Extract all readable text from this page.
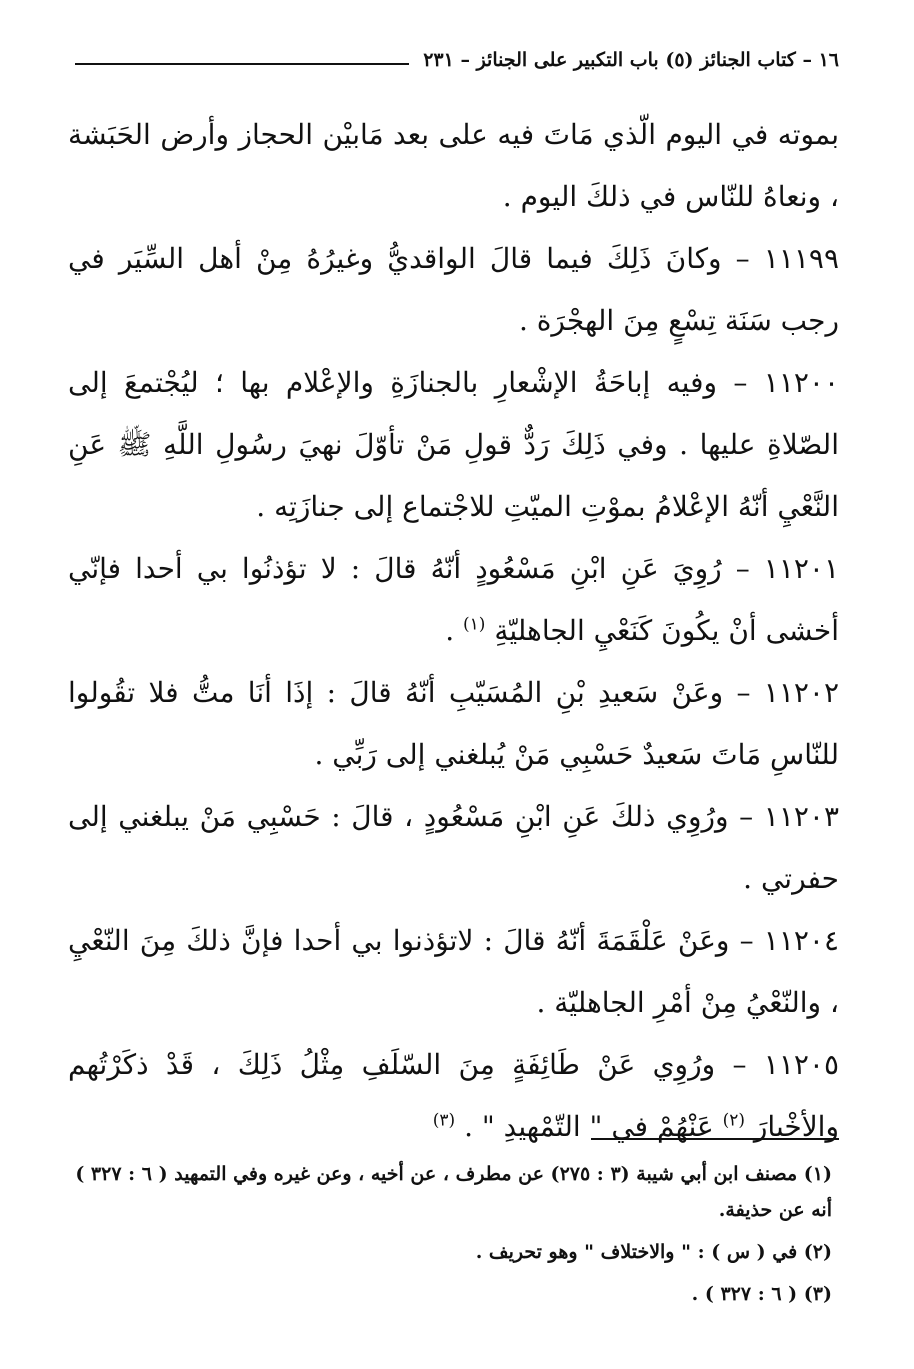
١٦ – كتاب الجنائز (٥) باب التكبير على الجنائز – ٢٣١

بموته في اليوم الّذي مَاتَ فيه على بعد مَابيْن الحجاز وأرض الحَبَشة ، ونعاهُ للنّاس في ذلكَ اليوم .

١١١٩٩ – وكانَ ذَلِكَ فيما قالَ الواقديُّ وغيرُهُ مِنْ أهل السِّيَر في رجب سَنَة تِسْعٍ مِنَ الهجْرَة .

١١٢٠٠ – وفيه إباحَةُ الإشْعارِ بالجنازَةِ والإعْلام بها ؛ ليُجْتمعَ إلى الصّلاةِ عليها . وفي ذَلِكَ رَدٌّ قولِ مَنْ تأوّلَ نهيَ رسُولِ اللَّهِ ﷺ عَنِ النَّعْيِ أنّهُ الإعْلامُ بموْتِ الميّتِ للاجْتماع إلى جنازَتِه .

١١٢٠١ – رُوِيَ عَنِ ابْنِ مَسْعُودٍ أنّهُ قالَ : لا تؤذنُوا بي أحدا فإنّي أخشى أنْ يكُونَ كَنَعْيِ الجاهليّةِ $^{(١)}$ .

١١٢٠٢ – وعَنْ سَعيدِ بْنِ المُسَيّبِ أنّهُ قالَ : إذَا أنَا متُّ فلا تقُولوا للنّاسِ مَاتَ سَعيدٌ حَسْبِي مَنْ يُبلغني إلى رَبِّي .

١١٢٠٣ – ورُوِي ذلكَ عَنِ ابْنِ مَسْعُودٍ ، قالَ : حَسْبِي مَنْ يبلغني إلى حفرتي .

١١٢٠٤ – وعَنْ عَلْقَمَةَ أنّهُ قالَ : لاتؤذنوا بي أحدا فإنَّ ذلكَ مِنَ النّعْيِ ، والنّعْيُ مِنْ أمْرِ الجاهليّة .

١١٢٠٥ – ورُوِي عَنْ طَائِفَةٍ مِنَ السّلَفِ مِثْلُ ذَلِكَ ، قَدْ ذكَرْتُهم والأخْبارَ $^{(٢)}$ عَنْهُمْ في " التّمْهيدِ " . $^{(٣)}$

(١) مصنف ابن أبي شيبة (٣ : ٢٧٥) عن مطرف ، عن أخيه ، وعن غيره وفي التمهيد ( ٦ : ٣٢٧ ) أنه عن حذيفة.

(٢) في ( س ) : " والاختلاف " وهو تحريف .

(٣) ( ٦ : ٣٢٧ ) .
